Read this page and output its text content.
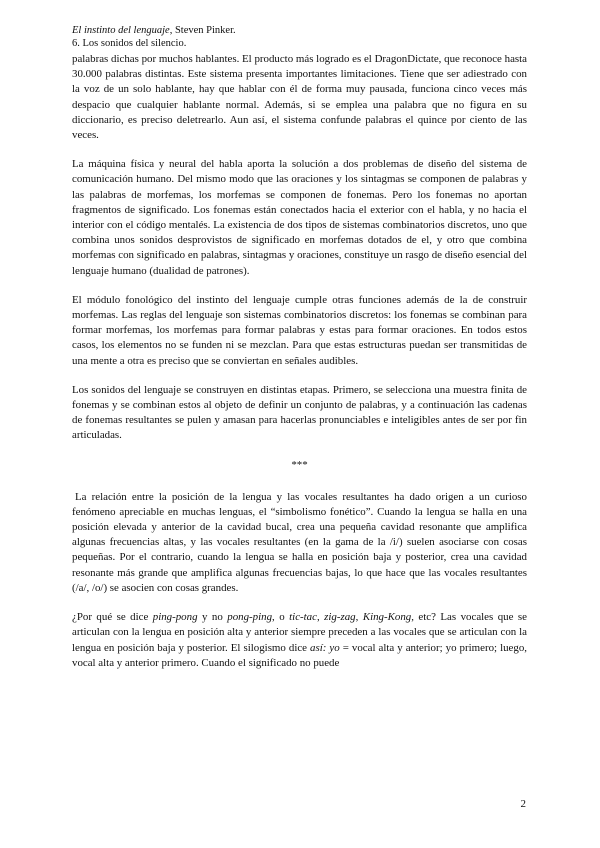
El instinto del lenguaje, Steven Pinker.
6. Los sonidos del silencio.

palabras dichas por muchos hablantes. El producto más logrado es el DragonDictate, que reconoce hasta 30.000 palabras distintas. Este sistema presenta importantes limitaciones. Tiene que ser adiestrado con la voz de un solo hablante, hay que hablar con él de forma muy pausada, funciona cinco veces más despacio que cualquier hablante normal. Además, si se emplea una palabra que no figura en su diccionario, es preciso deletrearlo. Aun así, el sistema confunde palabras el quince por ciento de las veces.

La máquina física y neural del habla aporta la solución a dos problemas de diseño del sistema de comunicación humano. Del mismo modo que las oraciones y los sintagmas se componen de palabras y las palabras de morfemas, los morfemas se componen de fonemas. Pero los fonemas no aportan fragmentos de significado. Los fonemas están conectados hacia el exterior con el habla, y no hacia el interior con el código mentalés. La existencia de dos tipos de sistemas combinatorios discretos, uno que combina unos sonidos desprovistos de significado en morfemas dotados de el, y otro que combina morfemas con significado en palabras, sintagmas y oraciones, constituye un rasgo de diseño esencial del lenguaje humano (dualidad de patrones).

El módulo fonológico del instinto del lenguaje cumple otras funciones además de la de construir morfemas. Las reglas del lenguaje son sistemas combinatorios discretos: los fonemas se combinan para formar morfemas, los morfemas para formar palabras y estas para formar oraciones. En todos estos casos, los elementos no se funden ni se mezclan. Para que estas estructuras puedan ser transmitidas de una mente a otra es preciso que se conviertan en señales audibles.

Los sonidos del lenguaje se construyen en distintas etapas. Primero, se selecciona una muestra finita de fonemas y se combinan estos al objeto de definir un conjunto de palabras, y a continuación las cadenas de fonemas resultantes se pulen y amasan para hacerlas pronunciables e inteligibles antes de ser por fin articuladas.

***

La relación entre la posición de la lengua y las vocales resultantes ha dado origen a un curioso fenómeno apreciable en muchas lenguas, el “simbolismo fonético”. Cuando la lengua se halla en una posición elevada y anterior de la cavidad bucal, crea una pequeña cavidad resonante que amplifica algunas frecuencias altas, y las vocales resultantes (en la gama de la /i/) suelen asociarse con cosas pequeñas. Por el contrario, cuando la lengua se halla en posición baja y posterior, crea una cavidad resonante más grande que amplifica algunas frecuencias bajas, lo que hace que las vocales resultantes (/a/, /o/) se asocien con cosas grandes.

¿Por qué se dice ping-pong y no pong-ping, o tic-tac, zig-zag, King-Kong, etc? Las vocales que se articulan con la lengua en posición alta y anterior siempre preceden a las vocales que se articulan con la lengua en posición baja y posterior. El silogismo dice así: yo = vocal alta y anterior; yo primero; luego, vocal alta y anterior primero. Cuando el significado no puede

2
